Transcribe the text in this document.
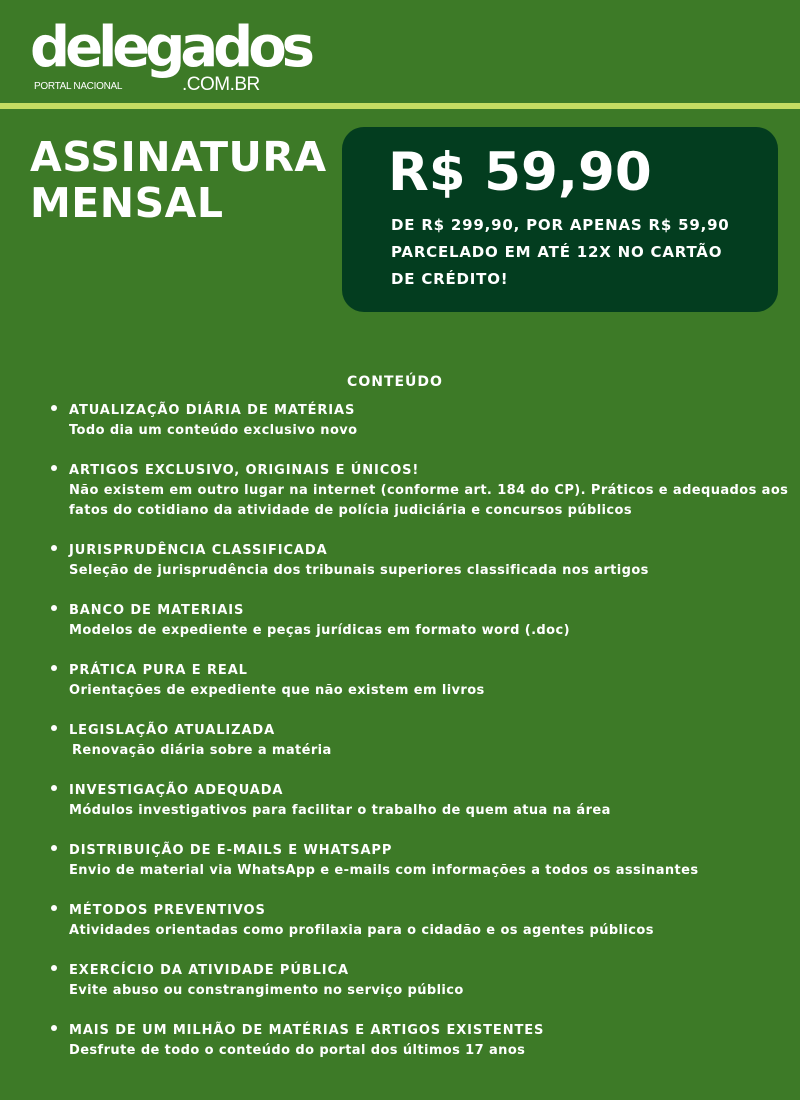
delegados
PORTAL NACIONAL	.COM.BR
ASSINATURA
MENSAL	R$ 59,90
DE R$ 299,90, POR APENAS R$ 59,90 PARCELADO EM ATÉ 12X NO CARTÃO DE CRÉDITO!
CONTEÚDO
ATUALIZAÇÃO DIÁRIA DE MATÉRIAS
Todo dia um conteúdo exclusivo novo
ARTIGOS EXCLUSIVO, ORIGINAIS E ÚNICOS!
Não existem em outro lugar na internet (conforme art. 184 do CP). Práticos e adequados aos fatos do cotidiano da atividade de polícia judiciária e concursos públicos
JURISPRUDÊNCIA CLASSIFICADA
Seleção de jurisprudência dos tribunais superiores classificada nos artigos
BANCO DE MATERIAIS
Modelos de expediente e peças jurídicas em formato word (.doc)
PRÁTICA PURA E REAL
Orientações de expediente que não existem em livros
LEGISLAÇÃO ATUALIZADA
Renovação diária sobre a matéria
INVESTIGAÇÃO ADEQUADA
Módulos investigativos para facilitar o trabalho de quem atua na área
DISTRIBUIÇÃO DE E-MAILS E WHATSAPP
Envio de material via WhatsApp e e-mails com informações a todos os assinantes
MÉTODOS PREVENTIVOS
Atividades orientadas como profilaxia para o cidadão e os agentes públicos
EXERCÍCIO DA ATIVIDADE PÚBLICA
Evite abuso ou constrangimento no serviço público
MAIS DE UM MILHÃO DE MATÉRIAS E ARTIGOS EXISTENTES
Desfrute de todo o conteúdo do portal dos últimos 17 anos
